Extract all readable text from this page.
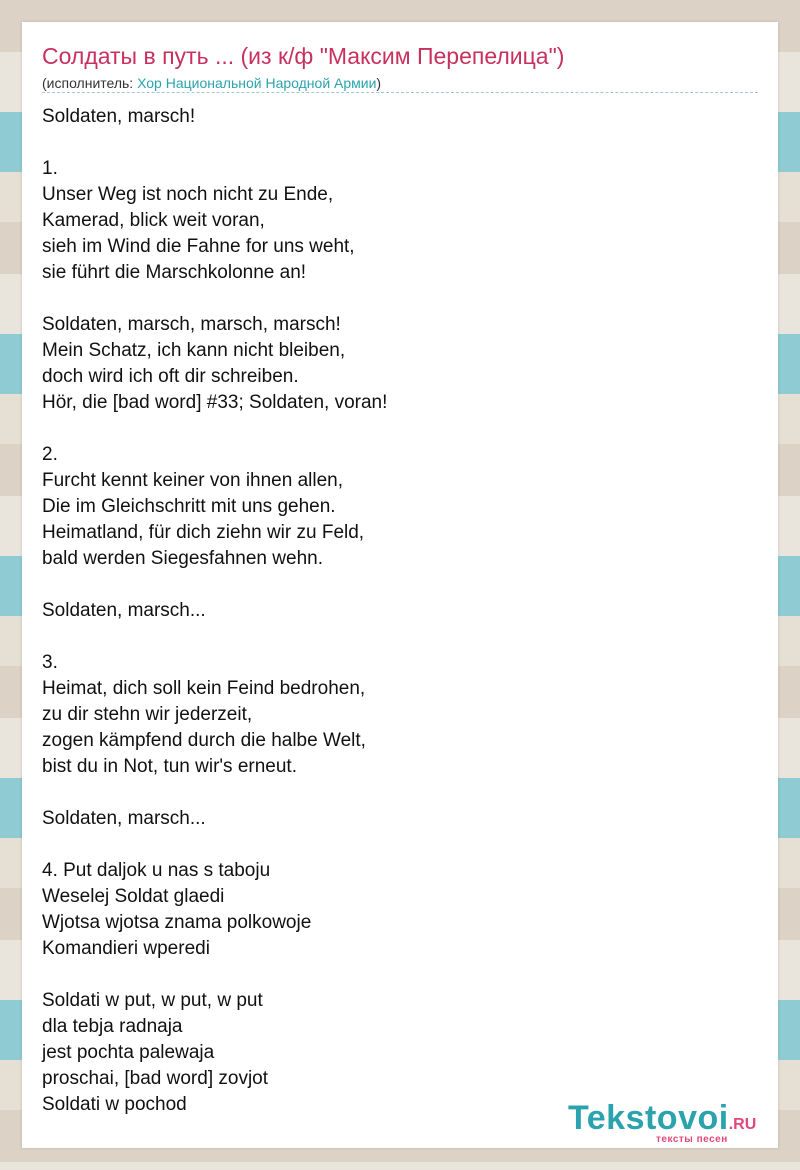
Солдаты в путь ... (из к/ф "Максим Перепелица")
(исполнитель: Хор Национальной Народной Армии)
Soldaten, marsch!

1.
Unser Weg ist noch nicht zu Ende,
Kamerad, blick weit voran,
sieh im Wind die Fahne for uns weht,
sie führt die Marschkolonne an!

Soldaten, marsch, marsch, marsch!
Mein Schatz, ich kann nicht bleiben,
doch wird ich oft dir schreiben.
Hör, die [bad word] #33; Soldaten, voran!

2.
Furcht kennt keiner von ihnen allen,
Die im Gleichschritt mit uns gehen.
Heimatland, für dich ziehn wir zu Feld,
bald werden Siegesfahnen wehn.

Soldaten, marsch...

3.
Heimat, dich soll kein Feind bedrohen,
zu dir stehn wir jederzeit,
zogen kämpfend durch die halbe Welt,
bist du in Not, tun wir's erneut.

Soldaten, marsch...

4. Put daljok u nas s taboju
Weselej Soldat glaedi
Wjotsa wjotsa znama polkowoje
Komandieri wperedi

Soldati w put, w put, w put
dla tebja radnaja
jest pochta palewaja
proschai, [bad word] zovjot
Soldati w pochod	Tekstovoi.RU
тексты песен
